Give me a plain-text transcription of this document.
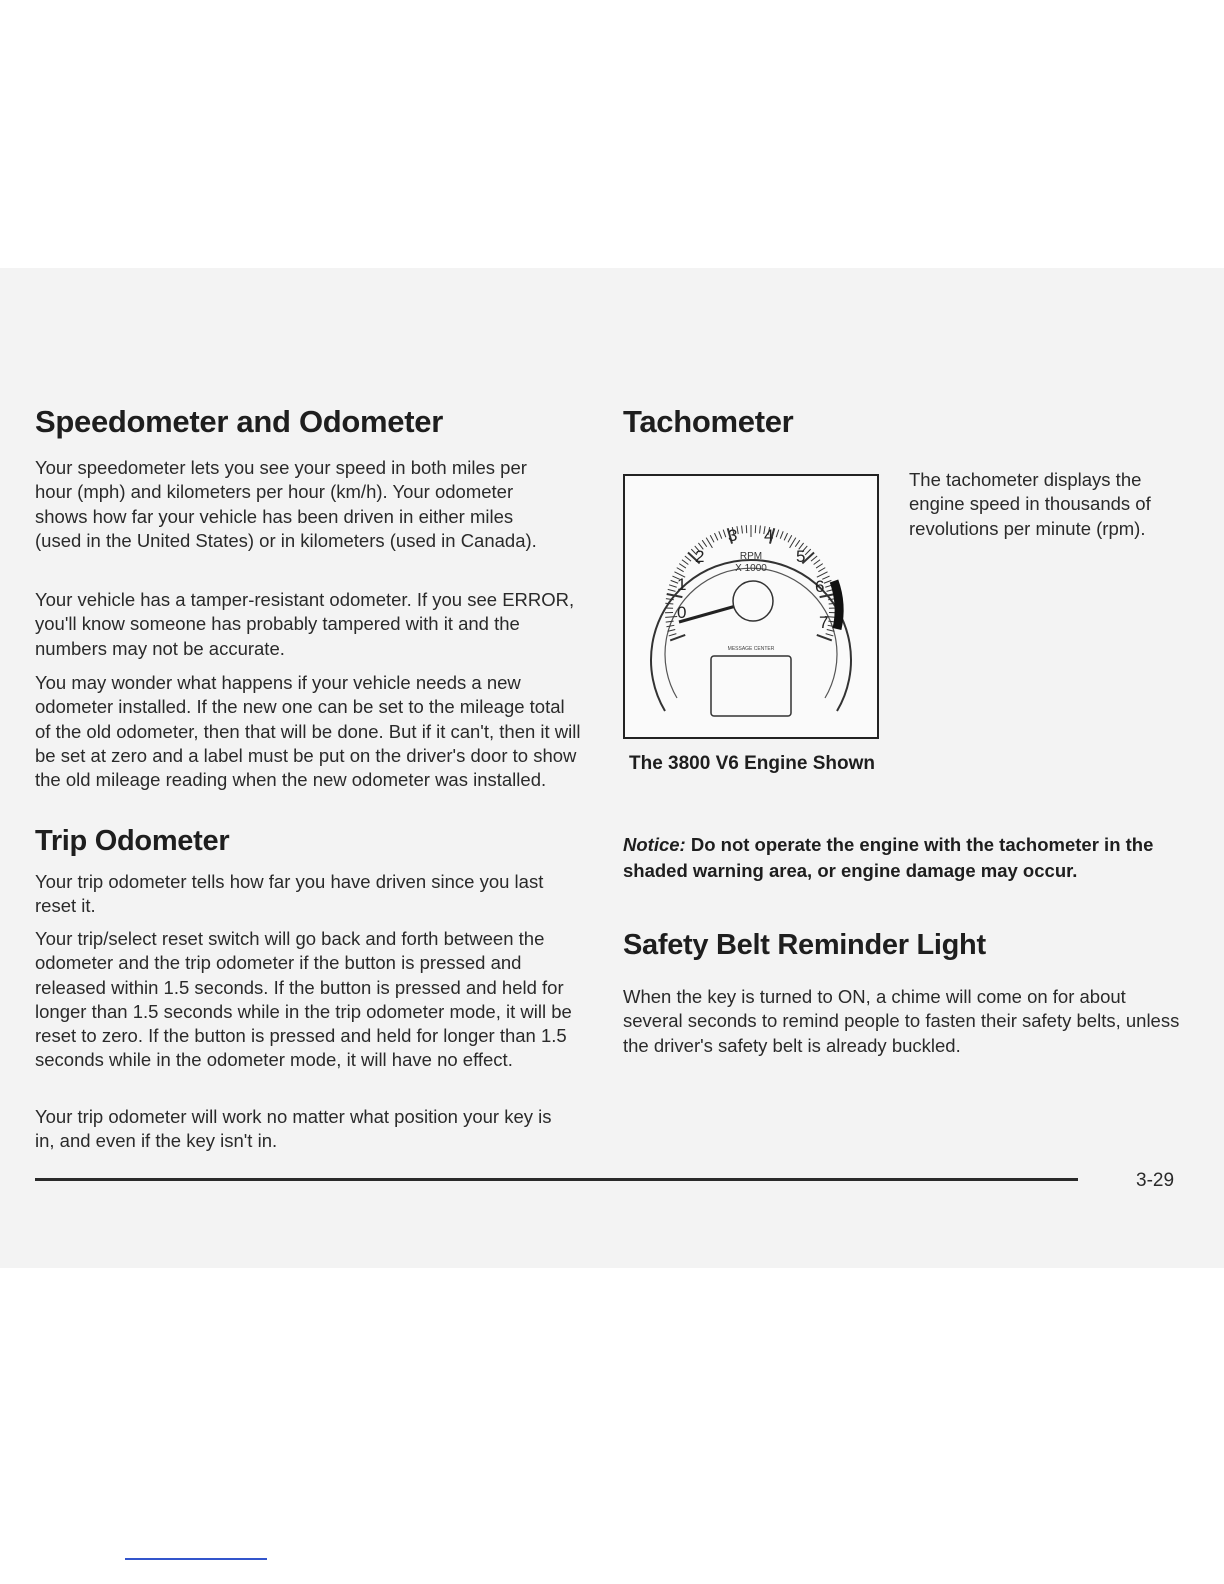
Speedometer and Odometer

Your speedometer lets you see your speed in both miles per hour (mph) and kilometers per hour (km/h). Your odometer shows how far your vehicle has been driven in either miles (used in the United States) or in kilometers (used in Canada).

Your vehicle has a tamper-resistant odometer. If you see ERROR, you'll know someone has probably tampered with it and the numbers may not be accurate.

You may wonder what happens if your vehicle needs a new odometer installed. If the new one can be set to the mileage total of the old odometer, then that will be done. But if it can't, then it will be set at zero and a label must be put on the driver's door to show the old mileage reading when the new odometer was installed.

Trip Odometer

Your trip odometer tells how far you have driven since you last reset it.

Your trip/select reset switch will go back and forth between the odometer and the trip odometer if the button is pressed and released within 1.5 seconds. If the button is pressed and held for longer than 1.5 seconds while in the trip odometer mode, it will be reset to zero. If the button is pressed and held for longer than 1.5 seconds while in the odometer mode, it will have no effect.

Your trip odometer will work no matter what position your key is in, and even if the key isn't in.

Tachometer
0
1
2
3 4
5
6
7
RPM
X 1000
MESSAGE CENTER

The tachometer displays the engine speed in thousands of revolutions per minute (rpm).

The 3800 V6 Engine Shown
Notice: Do not operate the engine with the tachometer in the shaded warning area, or engine damage may occur.
Safety Belt Reminder Light

When the key is turned to ON, a chime will come on for about several seconds to remind people to fasten their safety belts, unless the driver's safety belt is already buckled.

3-29
